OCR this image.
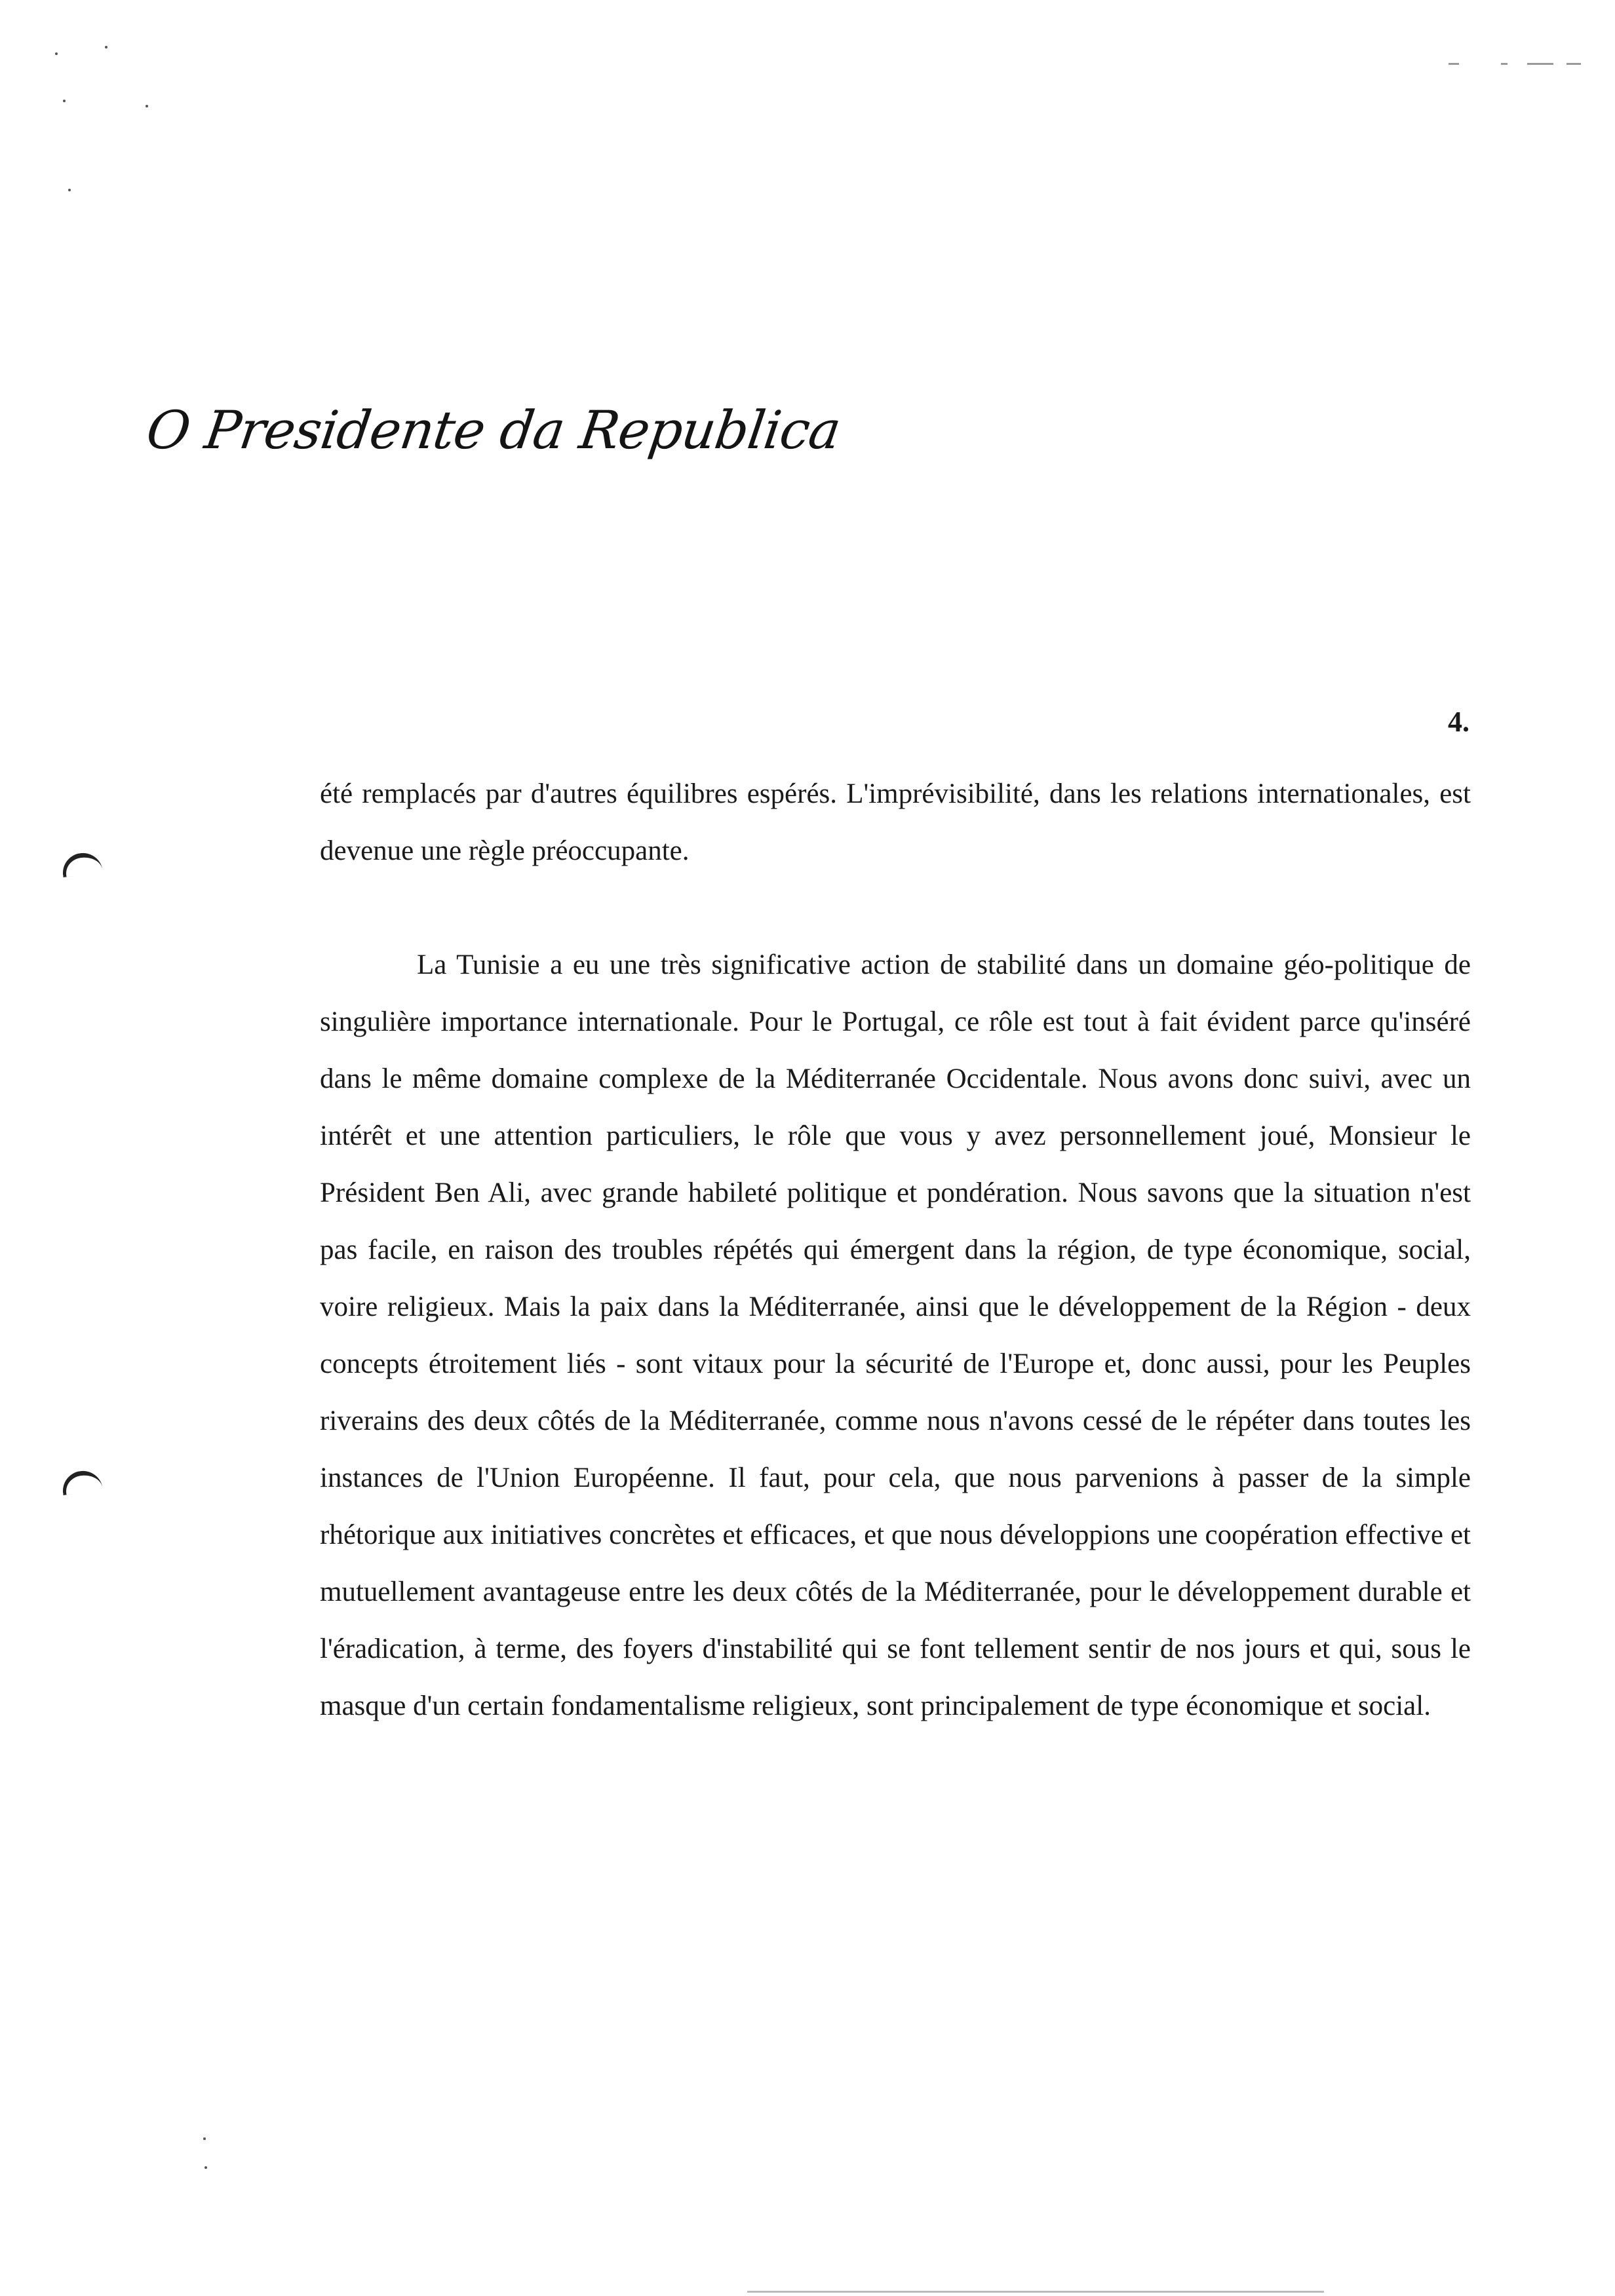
O Presidente da Republica
4.

été remplacés par d'autres équilibres espérés. L'imprévisibilité, dans les relations internationales, est devenue une règle préoccupante.

La Tunisie a eu une très significative action de stabilité dans un domaine géo-politique de singulière importance internationale. Pour le Portugal, ce rôle est tout à fait évident parce qu'inséré dans le même domaine complexe de la Méditerranée Occidentale. Nous avons donc suivi, avec un intérêt et une attention particuliers, le rôle que vous y avez personnellement joué, Monsieur le Président Ben Ali, avec grande habileté politique et pondération. Nous savons que la situation n'est pas facile, en raison des troubles répétés qui émergent dans la région, de type économique, social, voire religieux. Mais la paix dans la Méditerranée, ainsi que le développement de la Région - deux concepts étroitement liés - sont vitaux pour la sécurité de l'Europe et, donc aussi, pour les Peuples riverains des deux côtés de la Méditerranée, comme nous n'avons cessé de le répéter dans toutes les instances de l'Union Européenne. Il faut, pour cela, que nous parvenions à passer de la simple rhétorique aux initiatives concrètes et efficaces, et que nous développions une coopération effective et mutuellement avantageuse entre les deux côtés de la Méditerranée, pour le développement durable et l'éradication, à terme, des foyers d'instabilité qui se font tellement sentir de nos jours et qui, sous le masque d'un certain fondamentalisme religieux, sont principalement de type économique et social.
